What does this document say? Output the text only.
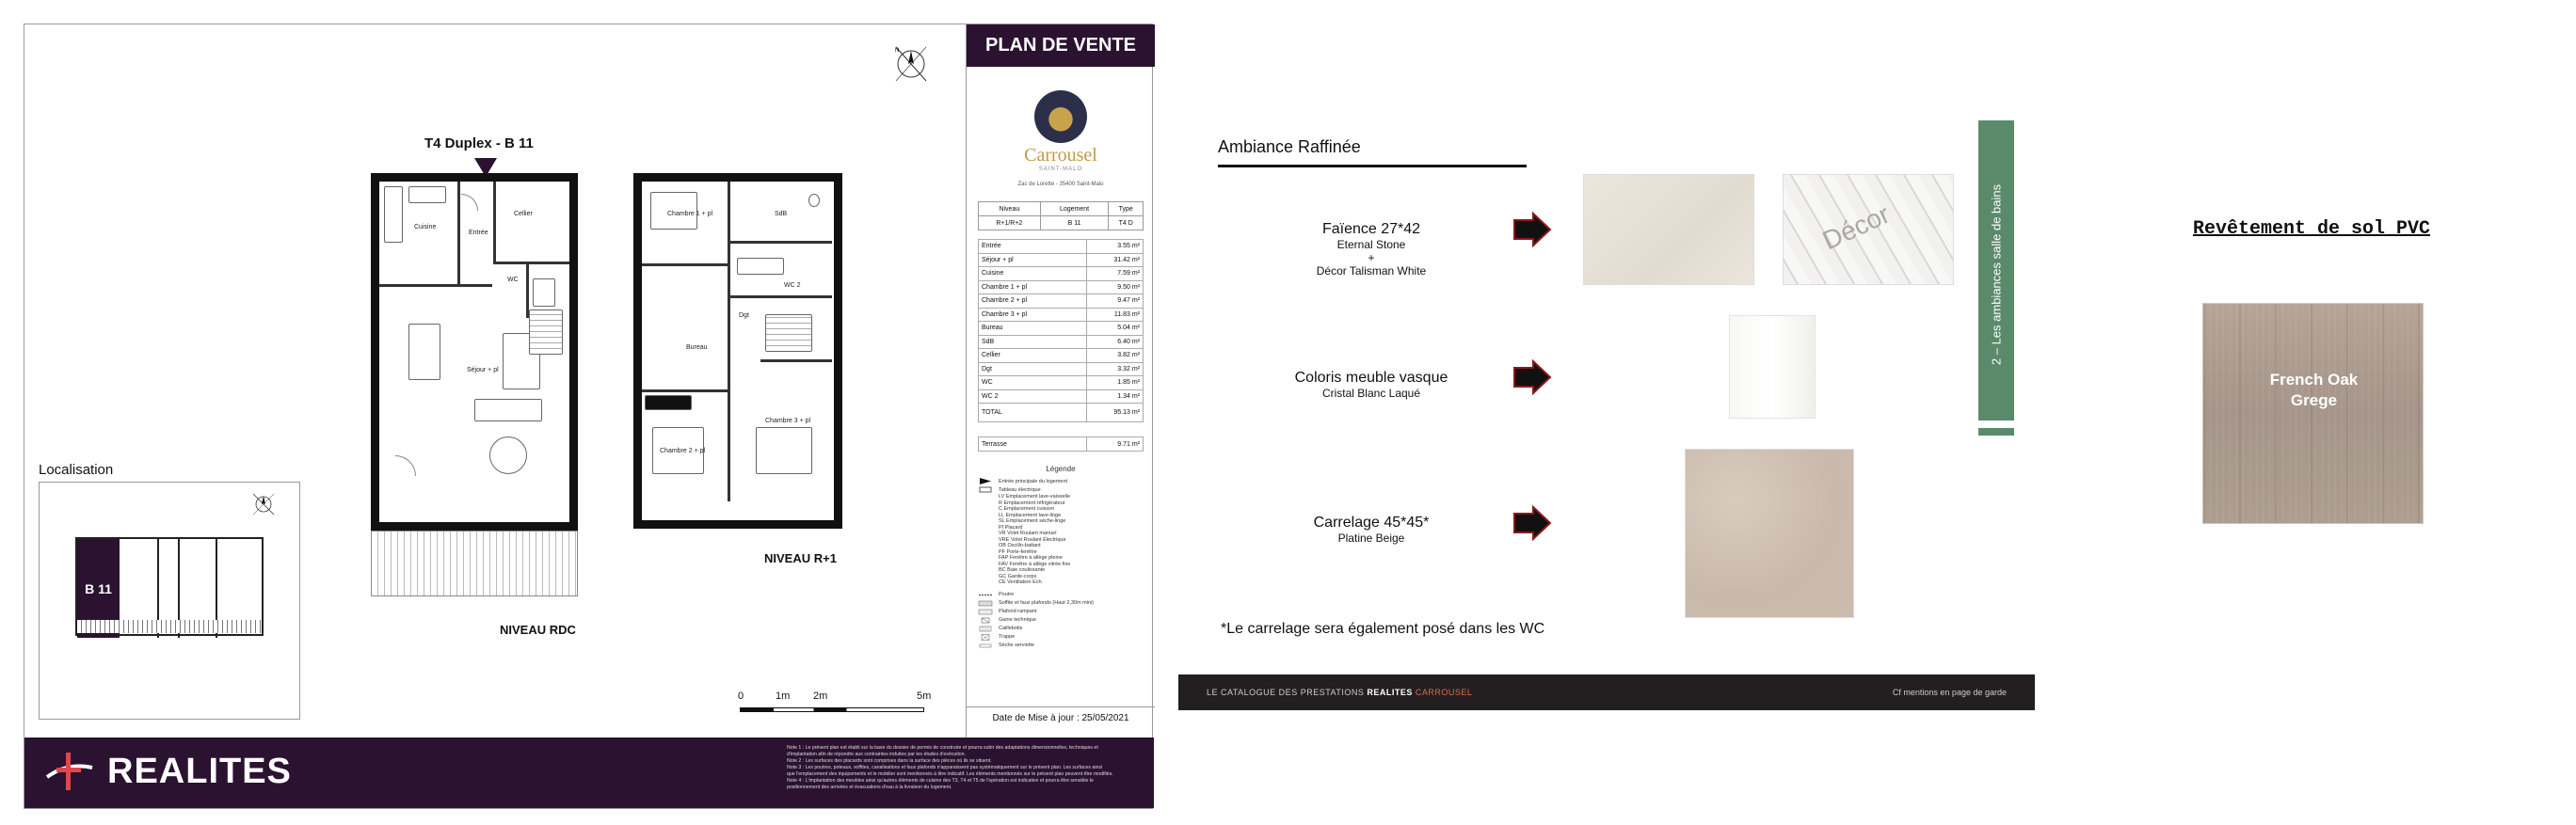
N
T4 Duplex - B 11
Cuisine
Entrée
Cellier
WC
Séjour + pl
Chambre 1 + pl	SdB
WC 2
Dgt
Bureau
Chambre 2 + pl
Chambre 3 + pl
NIVEAU RDC
NIVEAU R+1
Localisation
B 11
0	1m 2m	5m
PLAN DE VENTE
Carrousel
SAINT-MALO
Zac de Lorette - 35400 Saint-Malo
Niveau	Logement	Type
R+1/R+2	B 11	T4 D
Entrée	3.55 m²
Séjour + pl	31.42 m²
Cuisine	7.59 m²
Chambre 1 + pl	9.50 m²
Chambre 2 + pl	9.47 m²
Chambre 3 + pl	11.83 m²
Bureau	5.04 m²
SdB	6.40 m²
Cellier	3.82 m²
Dgt	3.32 m²
WC	1.85 m²
WC 2	1.34 m²
TOTAL	95.13 m²
Terrasse	9.71 m²
Légende
Entrée principale du logement
Tableau électrique
LV Emplacement lave-vaisselle
R Emplacement réfrigérateur
C Emplacement cuisson
LL Emplacement lave-linge
SL Emplacement sèche-linge
PI Placard
VR Volet Roulant manuel
VRE Volet Roulant Électrique
OB Oscillo-battant
PF Porte-fenêtre
FAP Fenêtre à allège pleine
FAV Fenêtre à allège vitrée fixe
BC Baie coulissante
GC Garde-corps
CE Ventilation Ech.
Poutre
Soffite et faux plafonds (Haut 2,30m mini)
Plafond rampant
Gaine technique
Caillebotis
Trappe
Sèche serviette
Date de Mise à jour : 25/05/2021
REALITES
Note 1 : Le présent plan est établi sur la base du dossier de permis de construire et pourra subir des adaptations dimensionnelles, techniques et
d'implantation afin de répondre aux contraintes induites par les études d'exécution.
Note 2 : Les surfaces des placards sont comprises dans la surface des pièces où ils se situent.
Note 3 : Les poutres, poteaux, soffites, canalisations et faux plafonds n'apparaissent pas systématiquement sur le présent plan. Les surfaces ainsi
que l'emplacement des équipements et le mobilier sont mentionnés à titre indicatif. Les éléments mentionnés sur le présent plan peuvent être modifiés.
Note 4 : L'implantation des meubles ainsi qu'autres éléments de cuisine des T3, T4 et T5 de l'opération est indicative et pourra être sensible le
positionnement des arrivées et évacuations d'eau à la livraison du logement.
Ambiance Raffinée
Faïence 27*42
Eternal Stone
+
Décor Talisman White
Décor
Coloris meuble vasque
Cristal Blanc Laqué
Carrelage 45*45*
Platine Beige
*Le carrelage sera également posé dans les WC
2 – Les ambiances salle de bains
LE CATALOGUE DES PRESTATIONS REALITES CARROUSEL	Cf mentions en page de garde
Revêtement de sol PVC
French Oak
Grege
